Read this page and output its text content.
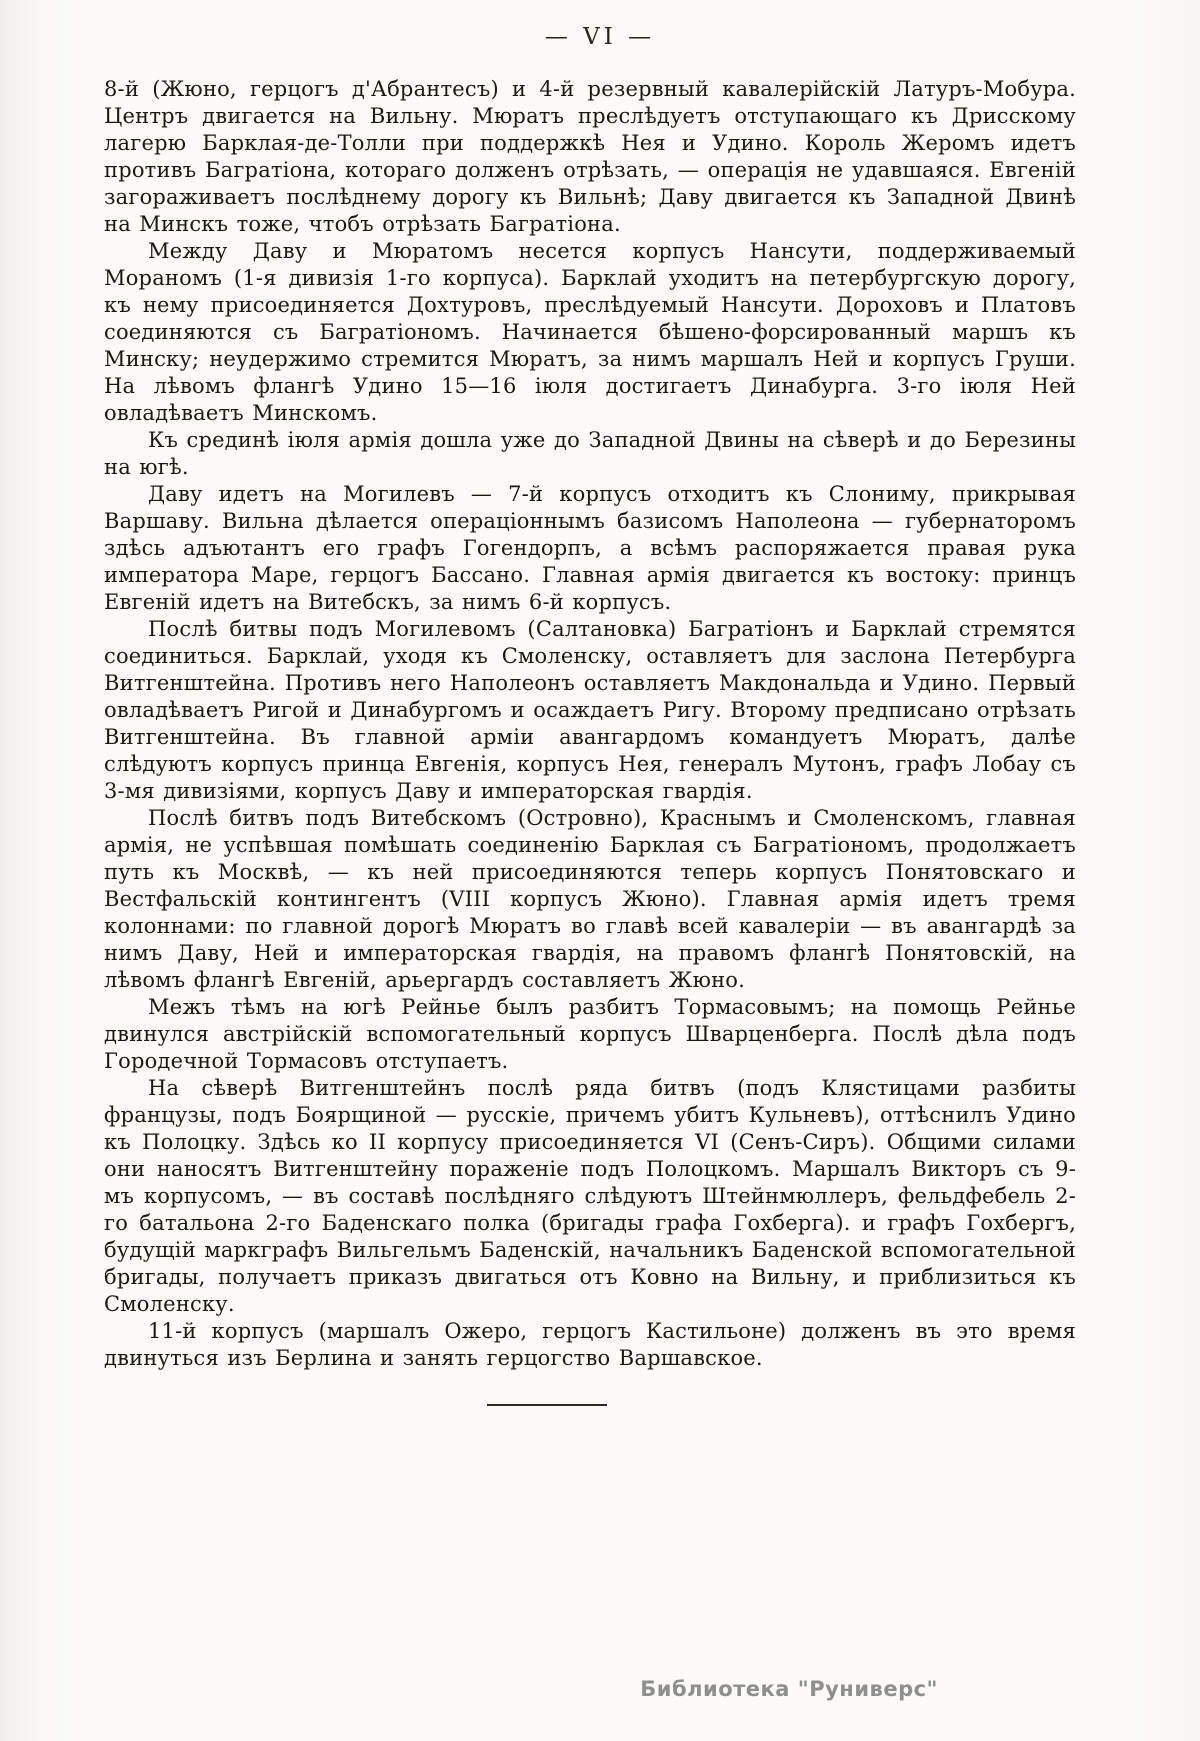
— VI —

8-й (Жюно, герцогъ д'Абрантесъ) и 4-й резервный кавалерійскій Латуръ-Мобура. Центръ двигается на Вильну. Мюратъ преслѣдуетъ отступающаго къ Дрисскому лагерю Барклая-де-Толли при поддержкѣ Нея и Удино. Король Жеромъ идетъ противъ Багратіона, котораго долженъ отрѣзать, — операція не удавшаяся. Евгеній загораживаетъ послѣднему дорогу къ Вильнѣ; Даву двигается къ Западной Двинѣ на Минскъ тоже, чтобъ отрѣзать Багратіона.

Между Даву и Мюратомъ несется корпусъ Нансути, поддерживаемый Мораномъ (1-я дивизія 1-го корпуса). Барклай уходитъ на петербургскую дорогу, къ нему присоединяется Дохтуровъ, преслѣдуемый Нансути. Дороховъ и Платовъ соединяются съ Багратіономъ. Начинается бѣшено-форсированный маршъ къ Минску; неудержимо стремится Мюратъ, за нимъ маршалъ Ней и корпусъ Груши. На лѣвомъ флангѣ Удино 15—16 іюля достигаетъ Динабурга. 3-го іюля Ней овладѣваетъ Минскомъ.

Къ срединѣ іюля армія дошла уже до Западной Двины на сѣверѣ и до Березины на югѣ.

Даву идетъ на Могилевъ — 7-й корпусъ отходитъ къ Слониму, прикрывая Варшаву. Вильна дѣлается операціоннымъ базисомъ Наполеона — губернаторомъ здѣсь адъютантъ его графъ Гогендорпъ, а всѣмъ распоряжается правая рука императора Маре, герцогъ Бассано. Главная армія двигается къ востоку: принцъ Евгеній идетъ на Витебскъ, за нимъ 6-й корпусъ.

Послѣ битвы подъ Могилевомъ (Салтановка) Багратіонъ и Барклай стремятся соединиться. Барклай, уходя къ Смоленску, оставляетъ для заслона Петербурга Витгенштейна. Противъ него Наполеонъ оставляетъ Макдональда и Удино. Первый овладѣваетъ Ригой и Динабургомъ и осаждаетъ Ригу. Второму предписано отрѣзать Витгенштейна. Въ главной арміи авангардомъ командуетъ Мюратъ, далѣе слѣдуютъ корпусъ принца Евгенія, корпусъ Нея, генералъ Мутонъ, графъ Лобау съ 3-мя дивизіями, корпусъ Даву и императорская гвардія.

Послѣ битвъ подъ Витебскомъ (Островно), Краснымъ и Смоленскомъ, главная армія, не успѣвшая помѣшать соединенію Барклая съ Багратіономъ, продолжаетъ путь къ Москвѣ, — къ ней присоединяются теперь корпусъ Понятовскаго и Вестфальскій контингентъ (VIII корпусъ Жюно). Главная армія идетъ тремя колоннами: по главной дорогѣ Мюратъ во главѣ всей кавалеріи — въ авангардѣ за нимъ Даву, Ней и императорская гвардія, на правомъ флангѣ Понятовскій, на лѣвомъ флангѣ Евгеній, арьергардъ составляетъ Жюно.

Межъ тѣмъ на югѣ Рейнье былъ разбитъ Тормасовымъ; на помощь Рейнье двинулся австрійскій вспомогательный корпусъ Шварценберга. Послѣ дѣла подъ Городечной Тормасовъ отступаетъ.

На сѣверѣ Витгенштейнъ послѣ ряда битвъ (подъ Клястицами разбиты французы, подъ Боярщиной — русскіе, причемъ убитъ Кульневъ), оттѣснилъ Удино къ Полоцку. Здѣсь ко II корпусу присоединяется VI (Сенъ-Сиръ). Общими силами они наносятъ Витгенштейну пораженіе подъ Полоцкомъ. Маршалъ Викторъ съ 9-мъ корпусомъ, — въ составѣ послѣдняго слѣдуютъ Штейнмюллеръ, фельдфебель 2-го батальона 2-го Баденскаго полка (бригады графа Гохберга). и графъ Гохбергъ, будущій маркграфъ Вильгельмъ Баденскій, начальникъ Баденской вспомогательной бригады, получаетъ приказъ двигаться отъ Ковно на Вильну, и приблизиться къ Смоленску.

11-й корпусъ (маршалъ Ожеро, герцогъ Кастильоне) долженъ въ это время двинуться изъ Берлина и занять герцогство Варшавское.

Библиотека "Руниверс"
